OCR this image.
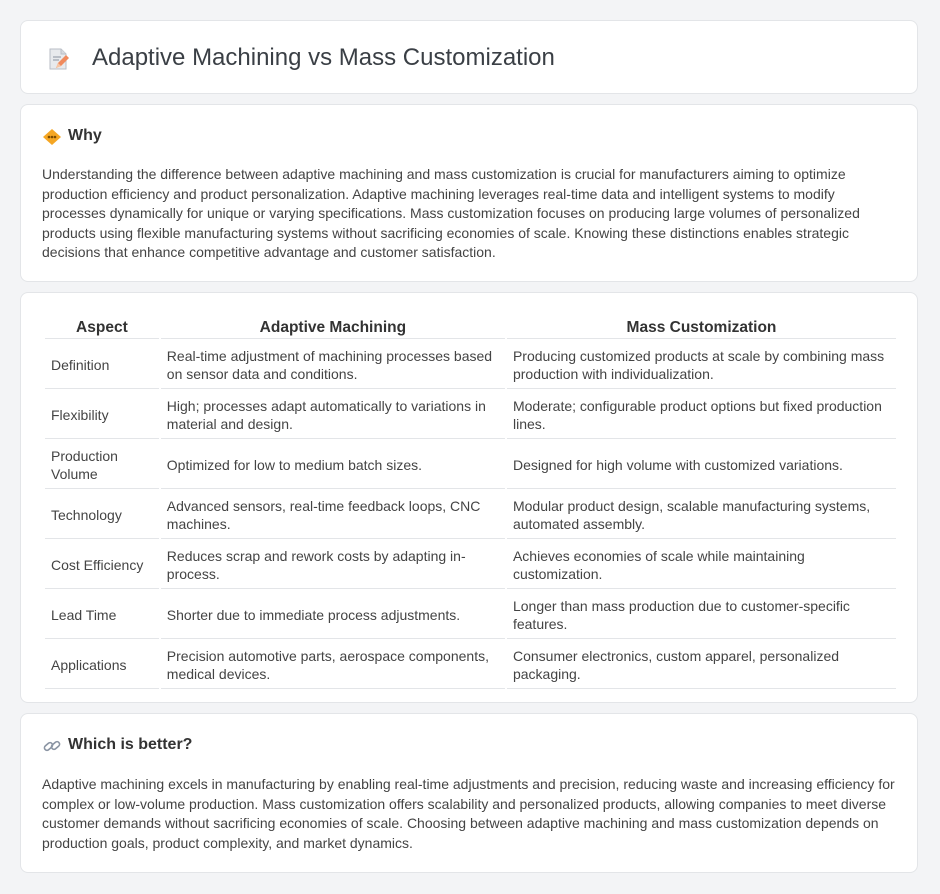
Adaptive Machining vs Mass Customization
Why

Understanding the difference between adaptive machining and mass customization is crucial for manufacturers aiming to optimize production efficiency and product personalization. Adaptive machining leverages real-time data and intelligent systems to modify processes dynamically for unique or varying specifications. Mass customization focuses on producing large volumes of personalized products using flexible manufacturing systems without sacrificing economies of scale. Knowing these distinctions enables strategic decisions that enhance competitive advantage and customer satisfaction.

Aspect	Adaptive Machining	Mass Customization
Definition	Real-time adjustment of machining processes based on sensor data and conditions.	Producing customized products at scale by combining mass production with individualization.
Flexibility	High; processes adapt automatically to variations in material and design.	Moderate; configurable product options but fixed production lines.
Production Volume	Optimized for low to medium batch sizes.	Designed for high volume with customized variations.
Technology	Advanced sensors, real-time feedback loops, CNC machines.	Modular product design, scalable manufacturing systems, automated assembly.
Cost Efficiency	Reduces scrap and rework costs by adapting in-process.	Achieves economies of scale while maintaining customization.
Lead Time	Shorter due to immediate process adjustments.	Longer than mass production due to customer-specific features.
Applications	Precision automotive parts, aerospace components, medical devices.	Consumer electronics, custom apparel, personalized packaging.
Which is better?

Adaptive machining excels in manufacturing by enabling real-time adjustments and precision, reducing waste and increasing efficiency for complex or low-volume production. Mass customization offers scalability and personalized products, allowing companies to meet diverse customer demands without sacrificing economies of scale. Choosing between adaptive machining and mass customization depends on production goals, product complexity, and market dynamics.
